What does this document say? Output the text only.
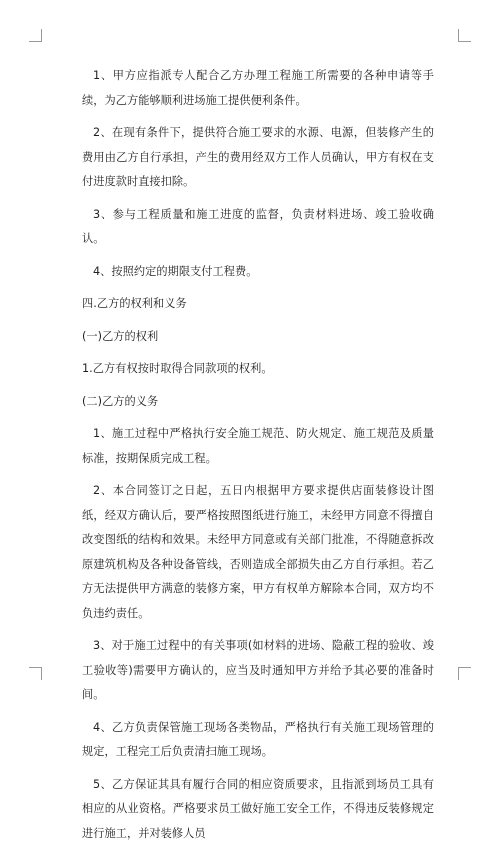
1、甲方应指派专人配合乙方办理工程施工所需要的各种申请等手续，为乙方能够顺利进场施工提供便利条件。

2、在现有条件下，提供符合施工要求的水源、电源，但装修产生的费用由乙方自行承担，产生的费用经双方工作人员确认，甲方有权在支付进度款时直接扣除。

3、参与工程质量和施工进度的监督，负责材料进场、竣工验收确认。

4、按照约定的期限支付工程费。

四.乙方的权利和义务

(一)乙方的权利

1.乙方有权按时取得合同款项的权利。

(二)乙方的义务

1、施工过程中严格执行安全施工规范、防火规定、施工规范及质量标准，按期保质完成工程。

2、本合同签订之日起，五日内根据甲方要求提供店面装修设计图纸，经双方确认后，要严格按照图纸进行施工，未经甲方同意不得擅自改变图纸的结构和效果。未经甲方同意或有关部门批准，不得随意拆改原建筑机构及各种设备管线，否则造成全部损失由乙方自行承担。若乙方无法提供甲方满意的装修方案，甲方有权单方解除本合同，双方均不负违约责任。

3、对于施工过程中的有关事项(如材料的进场、隐蔽工程的验收、竣工验收等)需要甲方确认的，应当及时通知甲方并给予其必要的准备时间。

4、乙方负责保管施工现场各类物品，严格执行有关施工现场管理的规定，工程完工后负责清扫施工现场。

5、乙方保证其具有履行合同的相应资质要求，且指派到场员工具有相应的从业资格。严格要求员工做好施工安全工作，不得违反装修规定进行施工，并对装修人员
